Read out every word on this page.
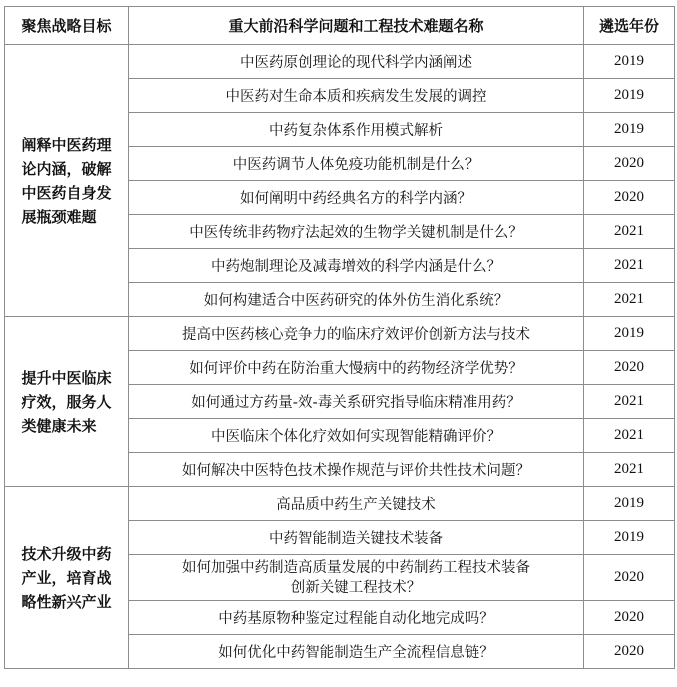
聚焦战略目标	重大前沿科学问题和工程技术难题名称	遴选年份
阐释中医药理
论内涵，破解
中医药自身发
展瓶颈难题	中医药原创理论的现代科学内涵阐述	2019
	中医药对生命本质和疾病发生发展的调控	2019
	中药复杂体系作用模式解析	2019
	中医药调节人体免疫功能机制是什么？	2020
	如何阐明中药经典名方的科学内涵？	2020
	中医传统非药物疗法起效的生物学关键机制是什么？	2021
	中药炮制理论及减毒增效的科学内涵是什么？	2021
	如何构建适合中医药研究的体外仿生消化系统？	2021
提升中医临床
疗效，服务人
类健康未来	提高中医药核心竞争力的临床疗效评价创新方法与技术	2019
	如何评价中药在防治重大慢病中的药物经济学优势？	2020
	如何通过方药量-效-毒关系研究指导临床精准用药？	2021
	中医临床个体化疗效如何实现智能精确评价？	2021
	如何解决中医特色技术操作规范与评价共性技术问题？	2021
技术升级中药
产业，培育战
略性新兴产业	高品质中药生产关键技术	2019
	中药智能制造关键技术装备	2019
	如何加强中药制造高质量发展的中药制药工程技术装备
创新关键工程技术？	2020
	中药基原物种鉴定过程能自动化地完成吗？	2020
	如何优化中药智能制造生产全流程信息链？	2020
